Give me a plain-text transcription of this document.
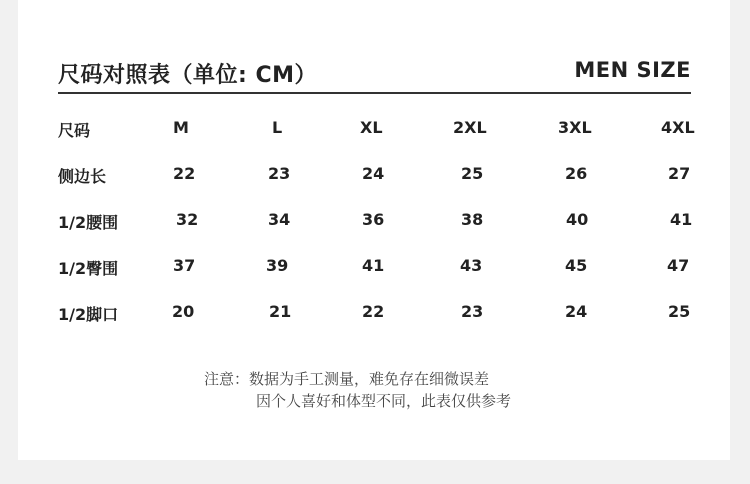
尺码对照表（单位: CM）	MEN SIZE
尺码	M	L	XL	2XL	3XL	4XL
侧边长	22	23	24	25	26	27
1/2腰围	32	34	36	38	40	41
1/2臀围	37	39	41	43	45	47
1/2脚口	20	21	22	23	24	25
注意：数据为手工测量，难免存在细微误差
因个人喜好和体型不同，此表仅供参考
